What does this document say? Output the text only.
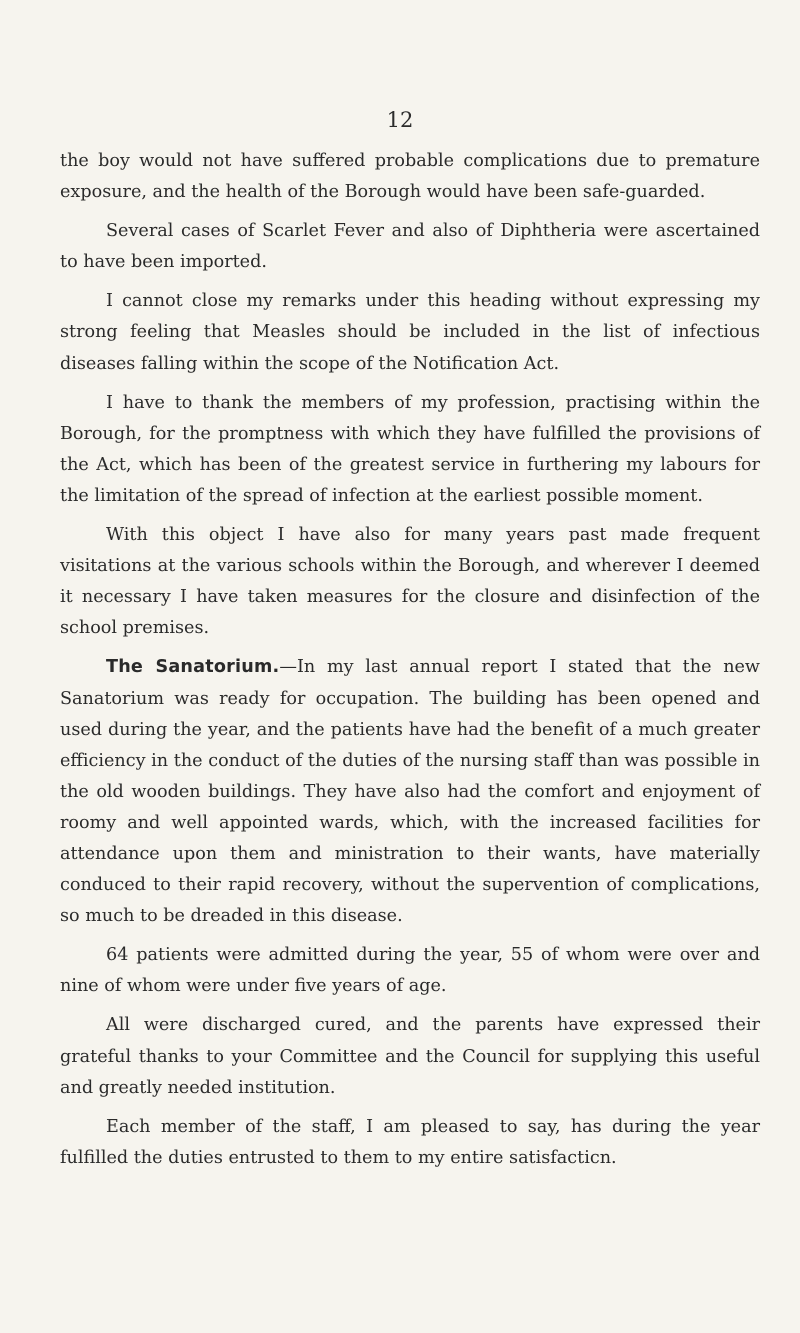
12

the boy would not have suffered probable complications due to premature exposure, and the health of the Borough would have been safe-guarded.

Several cases of Scarlet Fever and also of Diphtheria were ascertained to have been imported.

I cannot close my remarks under this heading without expressing my strong feeling that Measles should be included in the list of infectious diseases falling within the scope of the Notification Act.

I have to thank the members of my profession, practising within the Borough, for the promptness with which they have fulfilled the provisions of the Act, which has been of the greatest service in furthering my labours for the limitation of the spread of infection at the earliest possible moment.

With this object I have also for many years past made frequent visitations at the various schools within the Borough, and wherever I deemed it necessary I have taken measures for the closure and disinfection of the school premises.

The Sanatorium.—In my last annual report I stated that the new Sanatorium was ready for occupation. The building has been opened and used during the year, and the patients have had the benefit of a much greater efficiency in the conduct of the duties of the nursing staff than was possible in the old wooden buildings. They have also had the comfort and enjoyment of roomy and well appointed wards, which, with the increased facilities for attendance upon them and ministration to their wants, have materially conduced to their rapid recovery, without the supervention of complications, so much to be dreaded in this disease.

64 patients were admitted during the year, 55 of whom were over and nine of whom were under five years of age.

All were discharged cured, and the parents have expressed their grateful thanks to your Committee and the Council for supplying this useful and greatly needed institution.

Each member of the staff, I am pleased to say, has during the year fulfilled the duties entrusted to them to my entire satisfacticn.
